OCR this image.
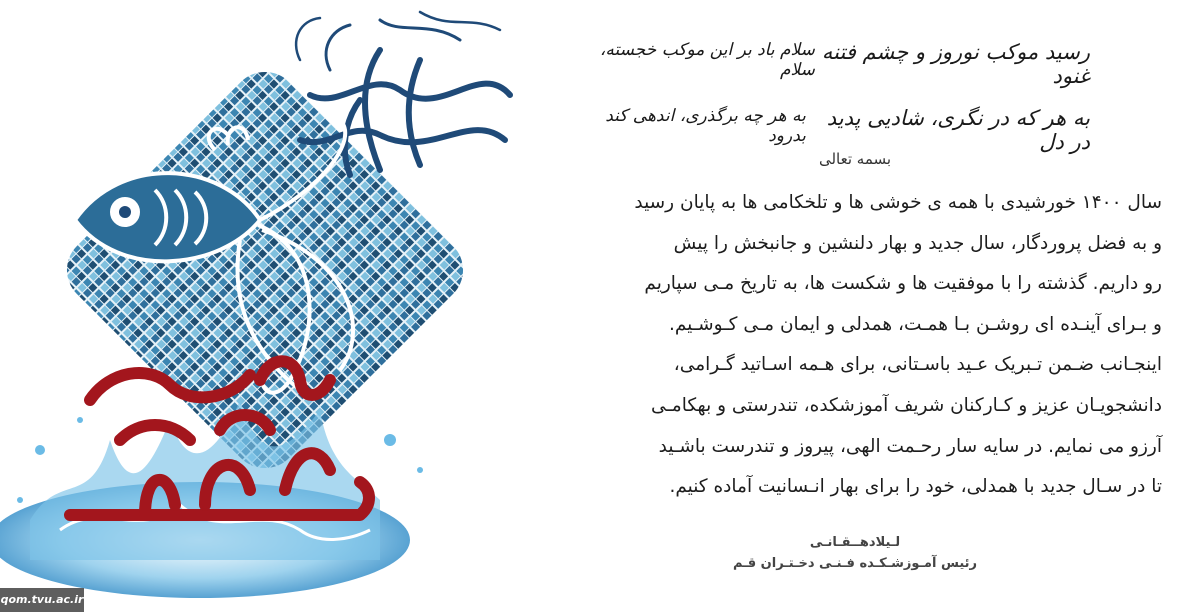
رسید موکب نوروز و چشم فتنه غنود
سلام باد بر این موکب خجسته، سلام
به هر که در نگری، شادیی پدید در دل
به هر چه برگذری، اندهی کند بدرود
بسمه تعالی

سال ۱۴۰۰ خورشیدی با همه ی خوشی ها و تلخکامی ها به پایان رسید

و به فضل پروردگار، سال جدید و بهار دلنشین و جانبخش را پیش

رو داریم. گذشته را با موفقیت ها و شکست ها، به تاریخ مـی سپاریم

و بـرای آینـده ای روشـن بـا همـت، همدلی و ایمان مـی کـوشـیم.

اینجـانب ضـمن تـبریک عـید باسـتانی، برای هـمه اسـاتید گـرامی،

دانشجویـان عزیز و کـارکنان شریف آموزشکده، تندرستی و بهکامـی

آرزو می نمایم. در سایه سار رحـمت الهی، پیروز و تندرست باشـید

تا در سـال جدید با همدلی، خود را برای بهار انـسانیت آماده کنیم.

لـیلادهــقـانـی
رئیس آمـوزشـکـده فـنـی دخـتـران قـم
qom.tvu.ac.ir
